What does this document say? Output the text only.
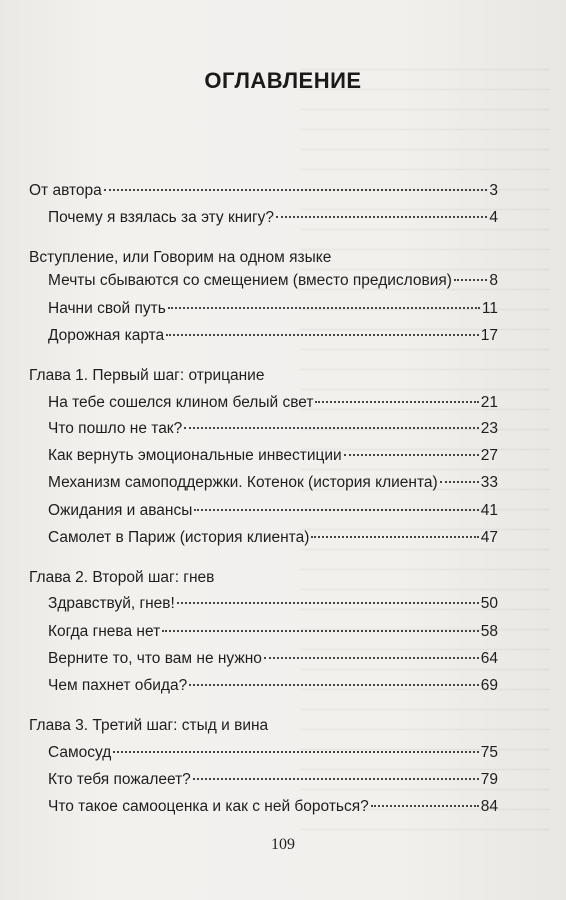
ОГЛАВЛЕНИЕ
От автора	3
Почему я взялась за эту книгу?	4
Вступление, или Говорим на одном языке
Мечты сбываются со смещением (вместо предисловия) 8
Начни свой путь	11
Дорожная карта	17
Глава 1. Первый шаг: отрицание
На тебе сошелся клином белый свет	21
Что пошло не так?	23
Как вернуть эмоциональные инвестиции	27
Механизм самоподдержки. Котенок (история клиента)	33
Ожидания и авансы	41
Самолет в Париж (история клиента)	47
Глава 2. Второй шаг: гнев
Здравствуй, гнев!	50
Когда гнева нет	58
Верните то, что вам не нужно	64
Чем пахнет обида?	69
Глава 3. Третий шаг: стыд и вина
Самосуд	75
Кто тебя пожалеет?	79
Что такое самооценка и как с ней бороться?	84
109
